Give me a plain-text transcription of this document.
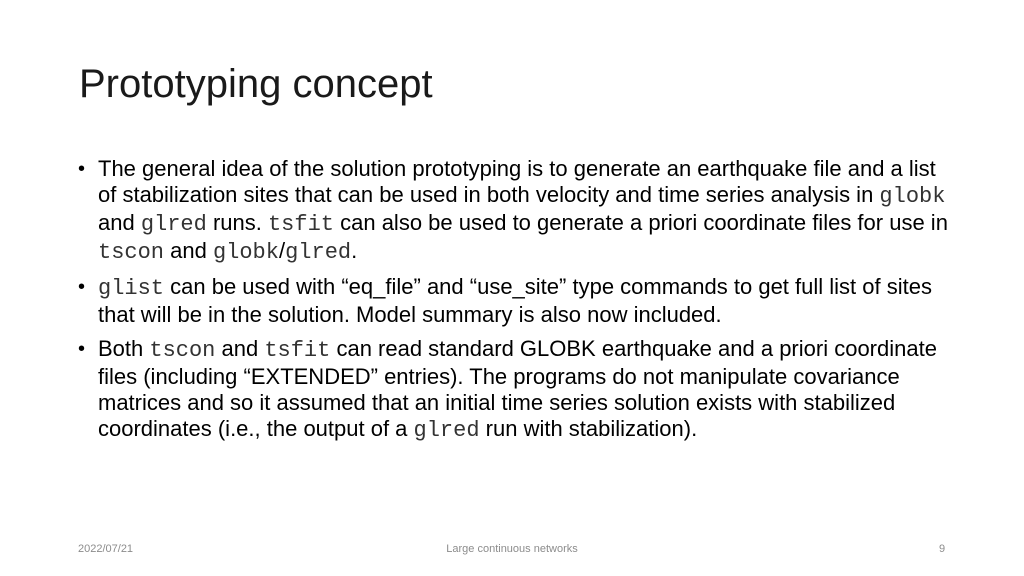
Prototyping concept
• The general idea of the solution prototyping is to generate an earthquake file and a list of stabilization sites that can be used in both velocity and time series analysis in globk and glred runs. tsfit can also be used to generate a priori coordinate files for use in tscon and globk/glred.
• glist can be used with “eq_file” and “use_site” type commands to get full list of sites that will be in the solution. Model summary is also now included.
• Both tscon and tsfit can read standard GLOBK earthquake and a priori coordinate files (including “EXTENDED” entries). The programs do not manipulate covariance matrices and so it assumed that an initial time series solution exists with stabilized coordinates (i.e., the output of a glred run with stabilization).
2022/07/21	Large continuous networks	9
